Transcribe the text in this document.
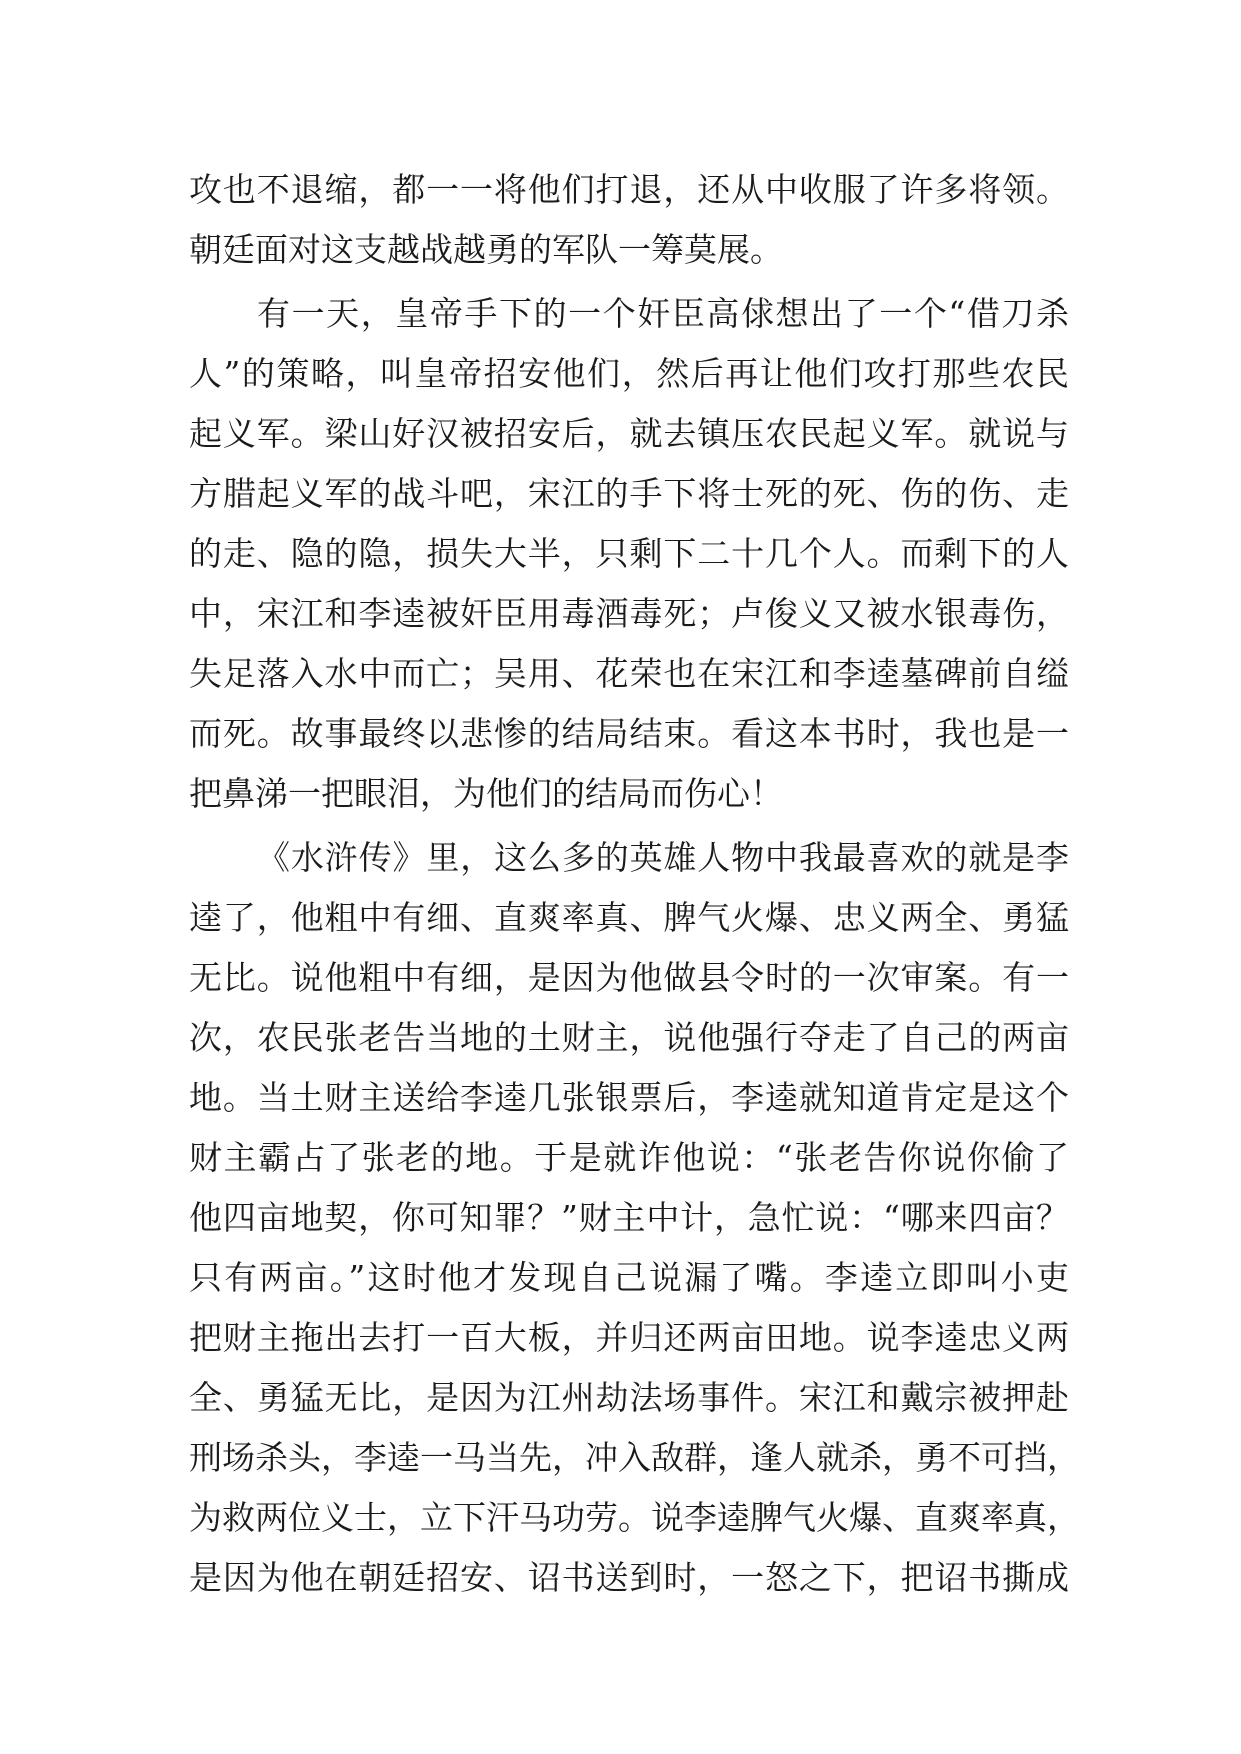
攻也不退缩，都一一将他们打退，还从中收服了许多将领。
朝廷面对这支越战越勇的军队一筹莫展。
有一天，皇帝手下的一个奸臣高俅想出了一个“借刀杀
人”的策略，叫皇帝招安他们，然后再让他们攻打那些农民
起义军。梁山好汉被招安后，就去镇压农民起义军。就说与
方腊起义军的战斗吧，宋江的手下将士死的死、伤的伤、走
的走、隐的隐，损失大半，只剩下二十几个人。而剩下的人
中，宋江和李逵被奸臣用毒酒毒死；卢俊义又被水银毒伤，
失足落入水中而亡；吴用、花荣也在宋江和李逵墓碑前自缢
而死。故事最终以悲惨的结局结束。看这本书时，我也是一
把鼻涕一把眼泪，为他们的结局而伤心！
《水浒传》里，这么多的英雄人物中我最喜欢的就是李
逵了，他粗中有细、直爽率真、脾气火爆、忠义两全、勇猛
无比。说他粗中有细，是因为他做县令时的一次审案。有一
次，农民张老告当地的土财主，说他强行夺走了自己的两亩
地。当土财主送给李逵几张银票后，李逵就知道肯定是这个
财主霸占了张老的地。于是就诈他说：“张老告你说你偷了
他四亩地契，你可知罪？”财主中计，急忙说：“哪来四亩？
只有两亩。”这时他才发现自己说漏了嘴。李逵立即叫小吏
把财主拖出去打一百大板，并归还两亩田地。说李逵忠义两
全、勇猛无比，是因为江州劫法场事件。宋江和戴宗被押赴
刑场杀头，李逵一马当先，冲入敌群，逢人就杀，勇不可挡，
为救两位义士，立下汗马功劳。说李逵脾气火爆、直爽率真，
是因为他在朝廷招安、诏书送到时，一怒之下，把诏书撕成
